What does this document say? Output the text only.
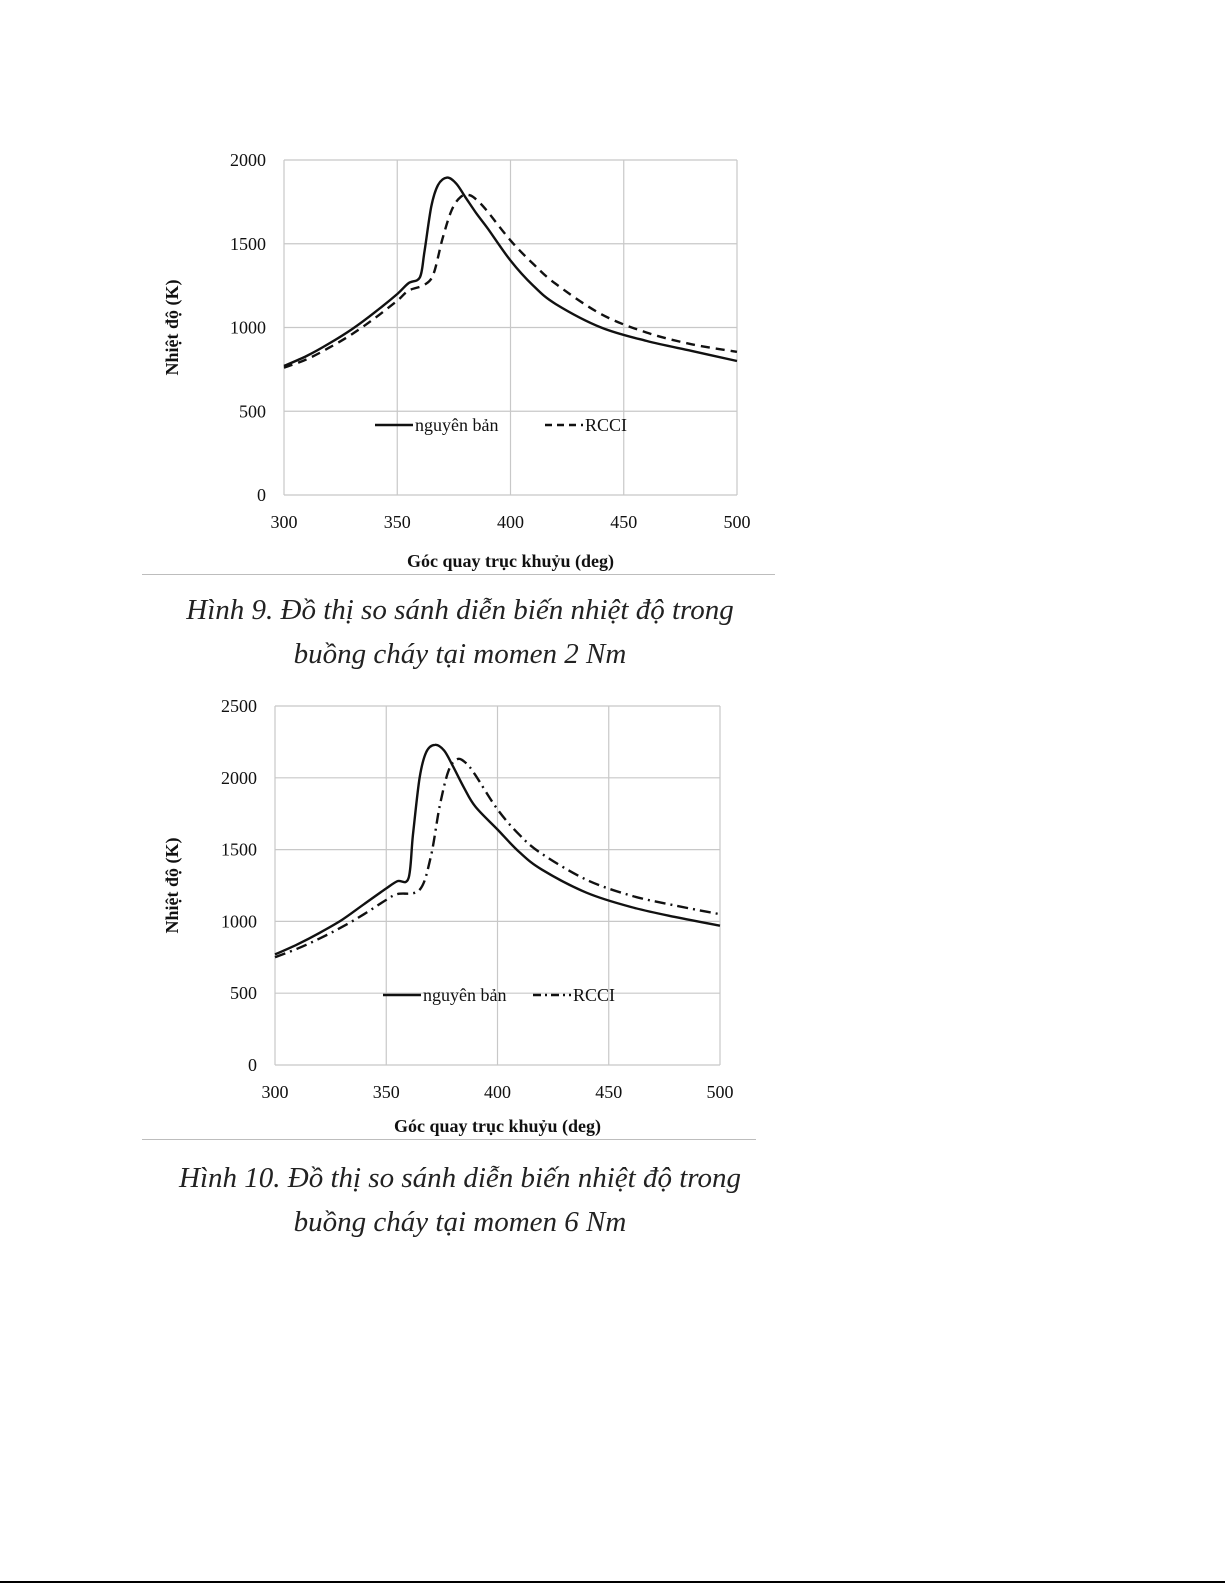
0
500
1000
1500
2000
300	350	400	450	500
Góc quay trục khuỷu (deg)
Nhiệt độ (K)
nguyên bản	RCCI
Hình 9. Đồ thị so sánh diễn biến nhiệt độ trong
buồng cháy tại momen 2 Nm
0
500
1000
1500
2000
2500
300	350	400	450	500
Góc quay trục khuỷu (deg)
Nhiệt độ (K)
nguyên bản	RCCI
Hình 10. Đồ thị so sánh diễn biến nhiệt độ trong
buồng cháy tại momen 6 Nm
